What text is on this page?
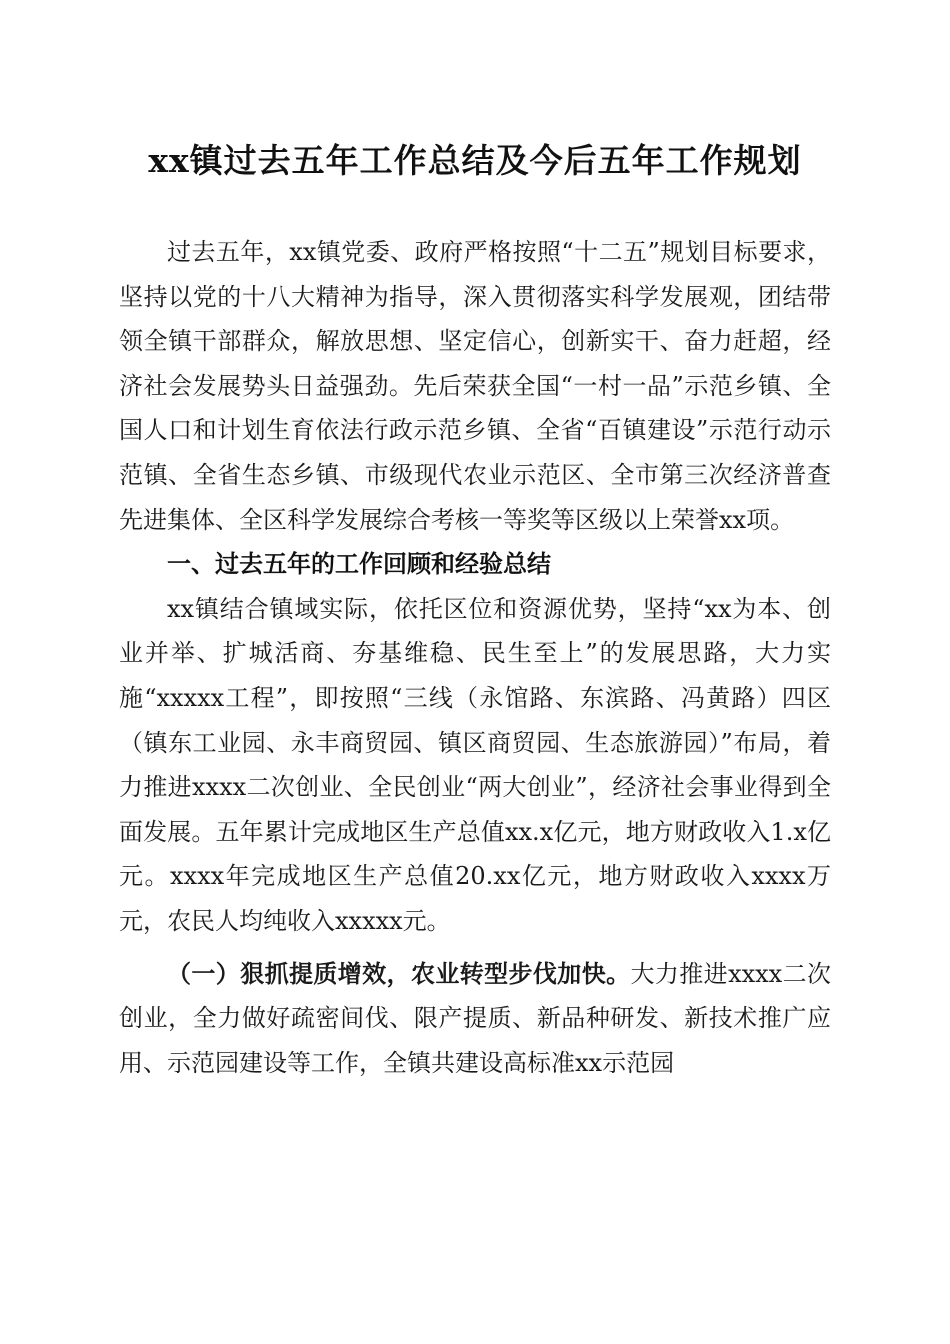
xx镇过去五年工作总结及今后五年工作规划

过去五年，xx镇党委、政府严格按照“十二五”规划目标要求，坚持以党的十八大精神为指导，深入贯彻落实科学发展观，团结带领全镇干部群众，解放思想、坚定信心，创新实干、奋力赶超，经济社会发展势头日益强劲。先后荣获全国“一村一品”示范乡镇、全国人口和计划生育依法行政示范乡镇、全省“百镇建设”示范行动示范镇、全省生态乡镇、市级现代农业示范区、全市第三次经济普查先进集体、全区科学发展综合考核一等奖等区级以上荣誉xx项。

一、过去五年的工作回顾和经验总结

xx镇结合镇域实际，依托区位和资源优势，坚持“xx为本、创业并举、扩城活商、夯基维稳、民生至上”的发展思路，大力实施“xxxxx工程”，即按照“三线（永馆路、东滨路、冯黄路）四区（镇东工业园、永丰商贸园、镇区商贸园、生态旅游园）”布局，着力推进xxxx二次创业、全民创业“两大创业”，经济社会事业得到全面发展。五年累计完成地区生产总值xx.x亿元，地方财政收入1.x亿元。xxxx年完成地区生产总值20.xx亿元，地方财政收入xxxx万元，农民人均纯收入xxxxx元。

（一）狠抓提质增效，农业转型步伐加快。大力推进xxxx二次创业，全力做好疏密间伐、限产提质、新品种研发、新技术推广应用、示范园建设等工作，全镇共建设高标准xx示范园
